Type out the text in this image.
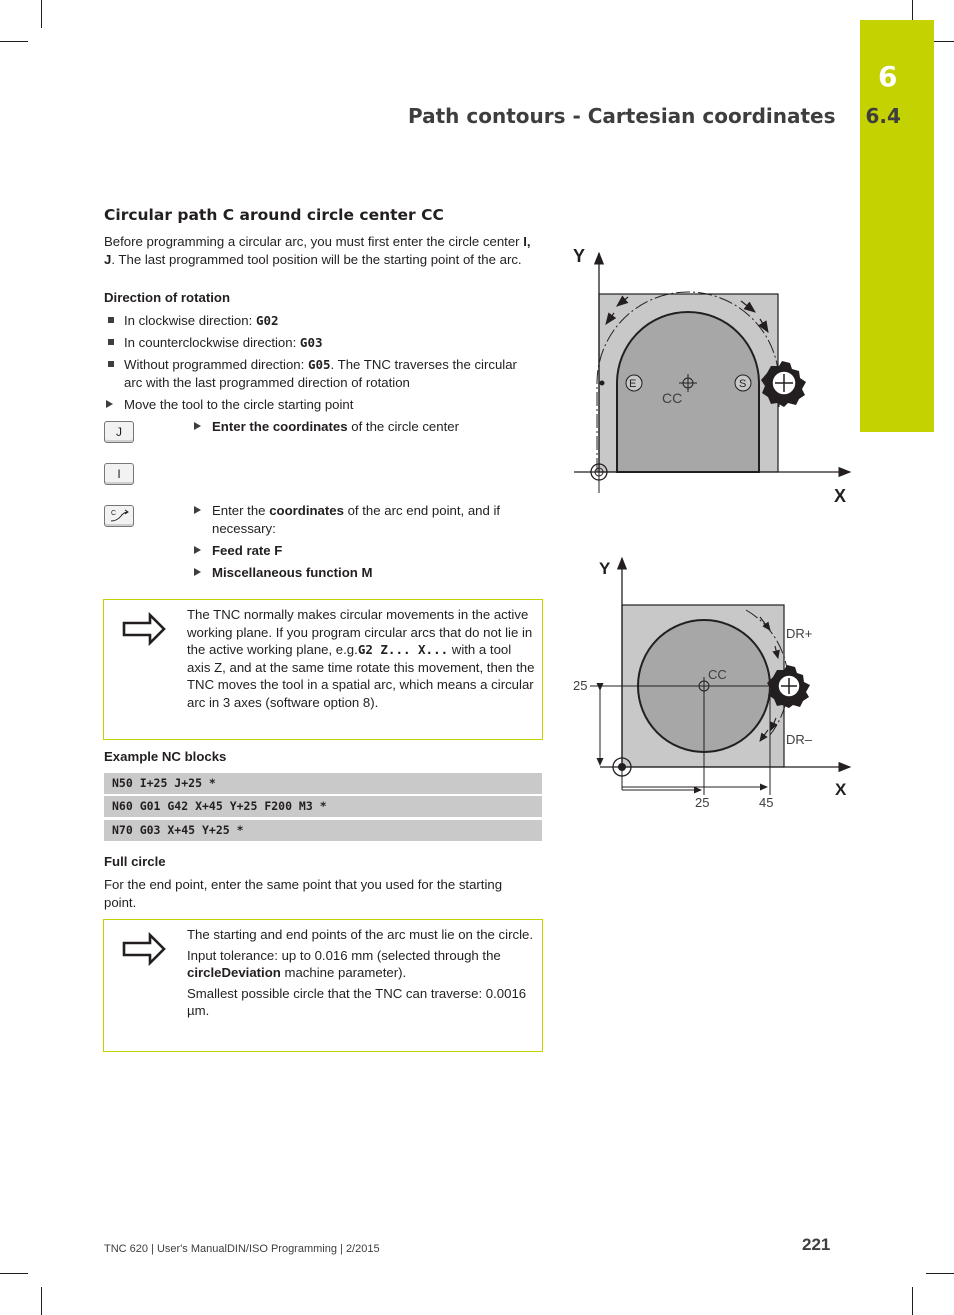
6
Path contours - Cartesian coordinates 6.4
Circular path C around circle center CC
Before programming a circular arc, you must first enter the circle center I, J. The last programmed tool position will be the starting point of the arc.
Direction of rotation
In clockwise direction: G02
In counterclockwise direction: G03
Without programmed direction: G05. The TNC traverses the circular arc with the last programmed direction of rotation
Move the tool to the circle starting point
J
I
C
Enter the coordinates of the circle center
Enter the coordinates of the arc end point, and if necessary:
Feed rate F
Miscellaneous function M
The TNC normally makes circular movements in the active working plane. If you program circular arcs that do not lie in the active working plane, e.g.G2 Z... X... with a tool axis Z, and at the same time rotate this movement, then the TNC moves the tool in a spatial arc, which means a circular arc in 3 axes (software option 8).
Example NC blocks
N50 I+25 J+25 *
N60 G01 G42 X+45 Y+25 F200 M3 *
N70 G03 X+45 Y+25 *
Full circle
For the end point, enter the same point that you used for the starting point.

The starting and end points of the arc must lie on the circle.

Input tolerance: up to 0.016 mm (selected through the circleDeviation machine parameter).

Smallest possible circle that the TNC can traverse: 0.0016 µm.

E	S
CC
Y
X
CC
DR+
DR–
25
25	45
Y
X
TNC 620 | User's ManualDIN/ISO Programming | 2/2015	221
